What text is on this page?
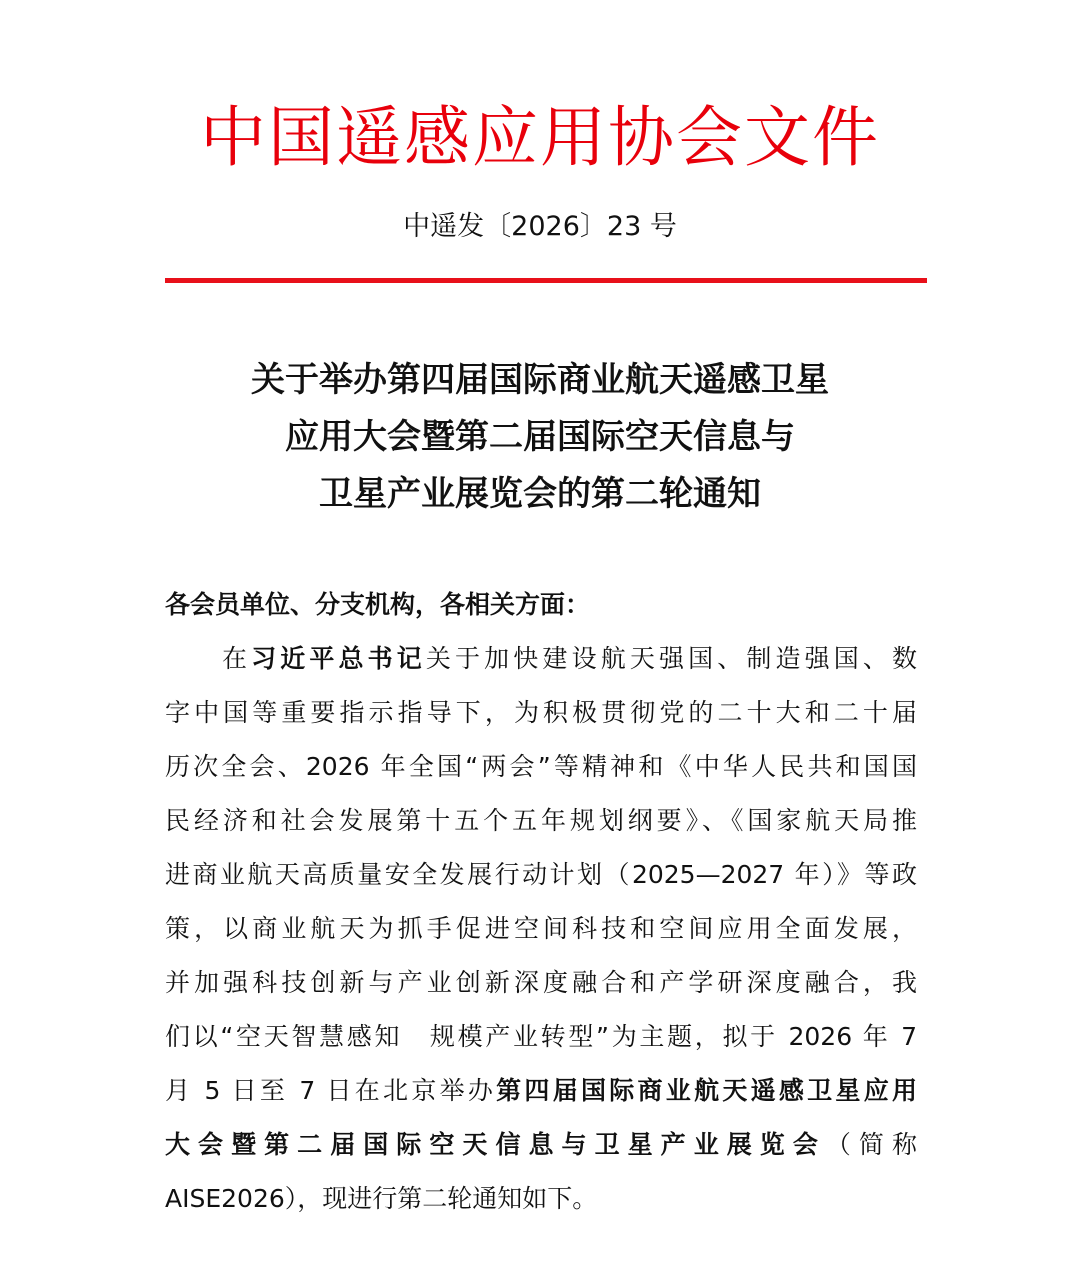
中国遥感应用协会文件
中遥发〔2026〕23 号
关于举办第四届国际商业航天遥感卫星
应用大会暨第二届国际空天信息与
卫星产业展览会的第二轮通知
各会员单位、分支机构，各相关方面：
在习近平总书记关于加快建设航天强国、制造强国、数
字中国等重要指示指导下，为积极贯彻党的二十大和二十届
历次全会、2026 年全国“两会”等精神和《中华人民共和国国
民经济和社会发展第十五个五年规划纲要》、《国家航天局推
进商业航天高质量安全发展行动计划（2025—2027 年）》等政
策，以商业航天为抓手促进空间科技和空间应用全面发展，
并加强科技创新与产业创新深度融合和产学研深度融合，我
们以“空天智慧感知　规模产业转型”为主题，拟于 2026 年 7
月 5 日至 7 日在北京举办第四届国际商业航天遥感卫星应用
大会暨第二届国际空天信息与卫星产业展览会（简称
AISE2026），现进行第二轮通知如下。
